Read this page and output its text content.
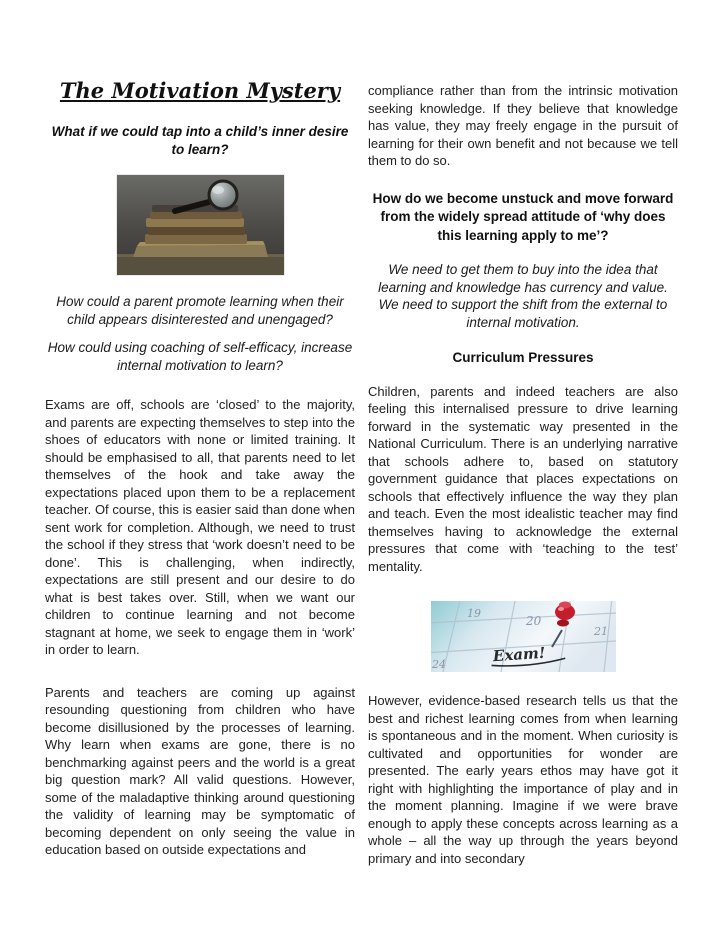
The Motivation Mystery
What if we could tap into a child’s inner desire to learn?
How could a parent promote learning when their child appears disinterested and unengaged?
How could using coaching of self-efficacy, increase internal motivation to learn?

Exams are off, schools are ‘closed’ to the majority, and parents are expecting themselves to step into the shoes of educators with none or limited training. It should be emphasised to all, that parents need to let themselves of the hook and take away the expectations placed upon them to be a replacement teacher. Of course, this is easier said than done when sent work for completion. Although, we need to trust the school if they stress that ‘work doesn’t need to be done’. This is challenging, when indirectly, expectations are still present and our desire to do what is best takes over. Still, when we want our children to continue learning and not become stagnant at home, we seek to engage them in ‘work’ in order to learn.

Parents and teachers are coming up against resounding questioning from children who have become disillusioned by the processes of learning. Why learn when exams are gone, there is no benchmarking against peers and the world is a great big question mark? All valid questions. However, some of the maladaptive thinking around questioning the validity of learning may be symptomatic of becoming dependent on only seeing the value in education based on outside expectations and

compliance rather than from the intrinsic motivation seeking knowledge. If they believe that knowledge has value, they may freely engage in the pursuit of learning for their own benefit and not because we tell them to do so.

How do we become unstuck and move forward from the widely spread attitude of ‘why does this learning apply to me’?
We need to get them to buy into the idea that learning and knowledge has currency and value. We need to support the shift from the external to internal motivation.
Curriculum Pressures

Children, parents and indeed teachers are also feeling this internalised pressure to drive learning forward in the systematic way presented in the National Curriculum. There is an underlying narrative that schools adhere to, based on statutory government guidance that places expectations on schools that effectively influence the way they plan and teach. Even the most idealistic teacher may find themselves having to acknowledge the external pressures that come with ‘teaching to the test’ mentality.

19
20
21
24	Exam!

However, evidence-based research tells us that the best and richest learning comes from when learning is spontaneous and in the moment. When curiosity is cultivated and opportunities for wonder are presented. The early years ethos may have got it right with highlighting the importance of play and in the moment planning. Imagine if we were brave enough to apply these concepts across learning as a whole – all the way up through the years beyond primary and into secondary
